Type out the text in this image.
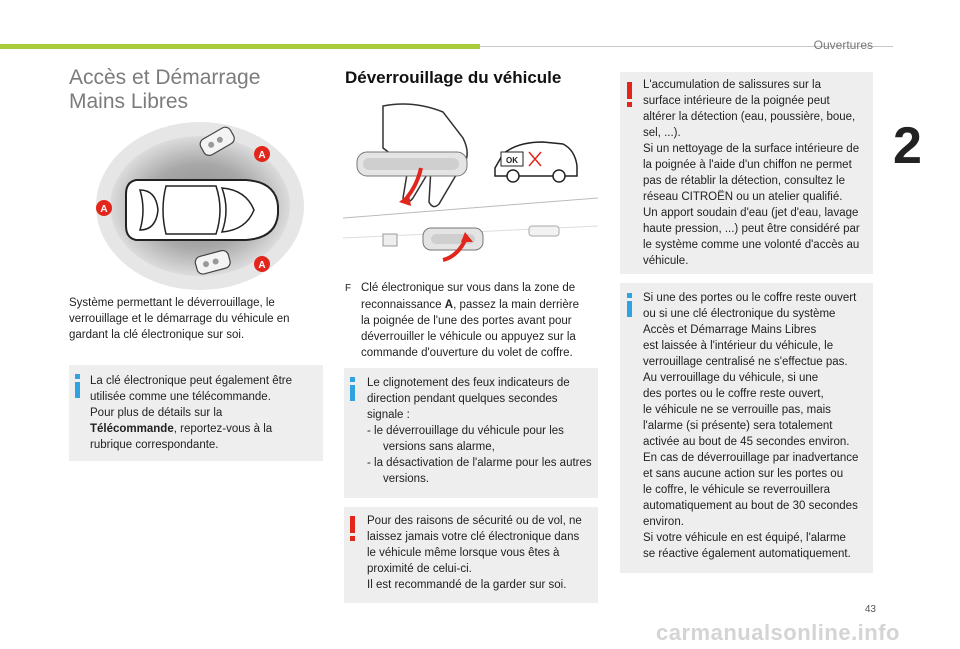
Ouvertures
2
Accès et Démarrage
Mains Libres
A
A
A
Système permettant le déverrouillage, le
verrouillage et le démarrage du véhicule en
gardant la clé électronique sur soi.
La clé électronique peut également être
utilisée comme une télécommande.
Pour plus de détails sur la
Télécommande, reportez-vous à la
rubrique correspondante.
Déverrouillage du véhicule
OK
F Clé électronique sur vous dans la zone de
reconnaissance A, passez la main derrière
la poignée de l'une des portes avant pour
déverrouiller le véhicule ou appuyez sur la
commande d'ouverture du volet de coffre.
Le clignotement des feux indicateurs de
direction pendant quelques secondes
signale :
- le déverrouillage du véhicule pour les versions sans alarme,
- la désactivation de l'alarme pour les autres versions.
Pour des raisons de sécurité ou de vol, ne
laissez jamais votre clé électronique dans
le véhicule même lorsque vous êtes à
proximité de celui-ci.
Il est recommandé de la garder sur soi.
L'accumulation de salissures sur la
surface intérieure de la poignée peut
altérer la détection (eau, poussière, boue,
sel, ...).
Si un nettoyage de la surface intérieure de
la poignée à l'aide d'un chiffon ne permet
pas de rétablir la détection, consultez le
réseau CITROËN ou un atelier qualifié.
Un apport soudain d'eau (jet d'eau, lavage
haute pression, ...) peut être considéré par
le système comme une volonté d'accès au
véhicule.
Si une des portes ou le coffre reste ouvert
ou si une clé électronique du système
Accès et Démarrage Mains Libres
est laissée à l'intérieur du véhicule, le
verrouillage centralisé ne s'effectue pas.
Au verrouillage du véhicule, si une
des portes ou le coffre reste ouvert,
le véhicule ne se verrouille pas, mais
l'alarme (si présente) sera totalement
activée au bout de 45 secondes environ.
En cas de déverrouillage par inadvertance
et sans aucune action sur les portes ou
le coffre, le véhicule se reverrouillera
automatiquement au bout de 30 secondes
environ.
Si votre véhicule en est équipé, l'alarme
se réactive également automatiquement.
43
carmanualsonline.info
